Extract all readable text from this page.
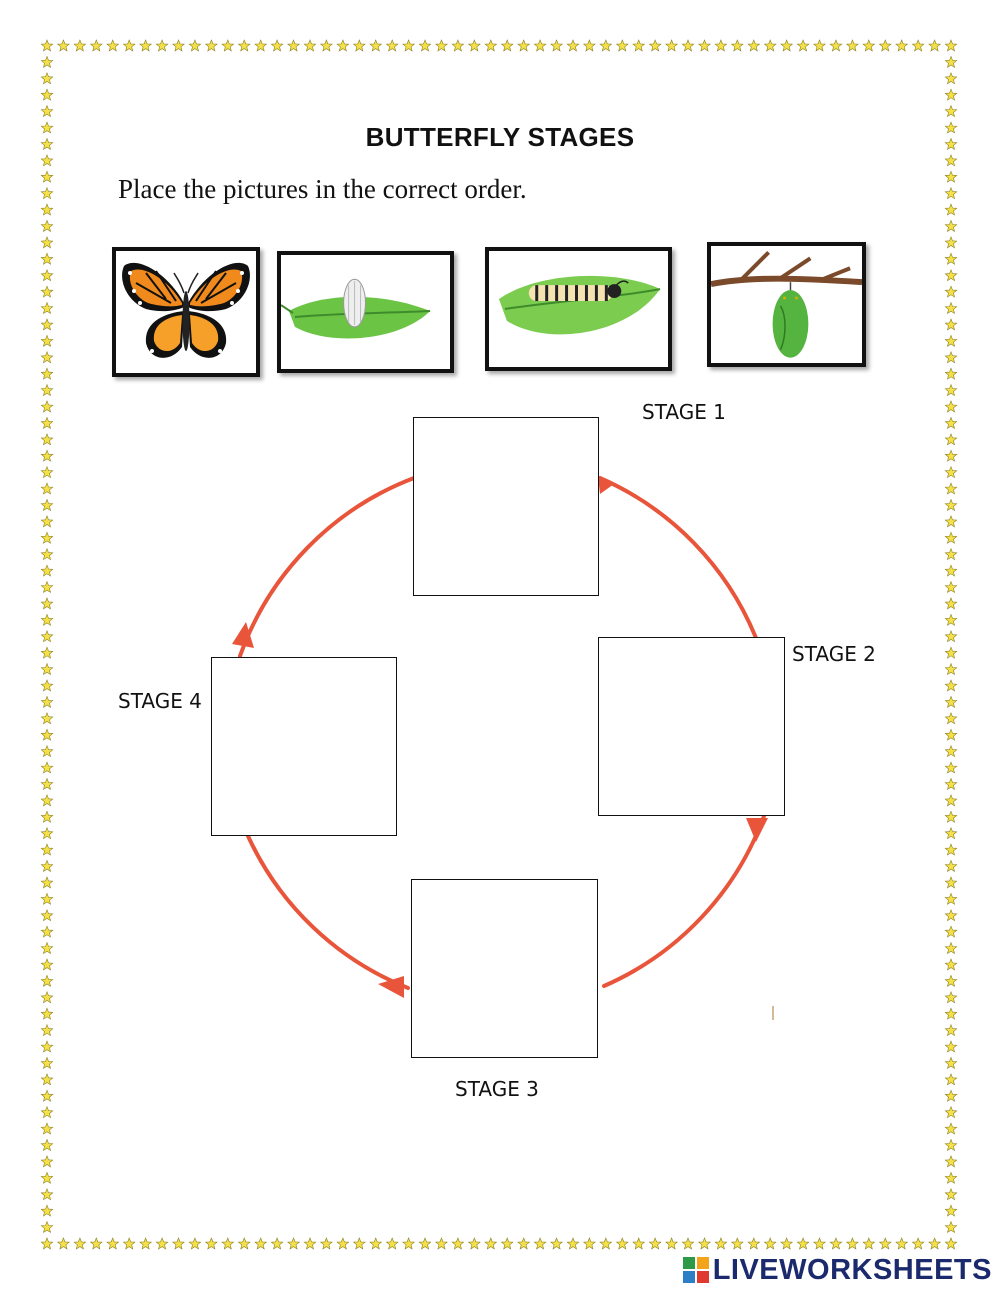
BUTTERFLY STAGES
Place the pictures in the correct order.
STAGE 1
STAGE 2
STAGE 3
STAGE 4
LIVEWORKSHEETS
